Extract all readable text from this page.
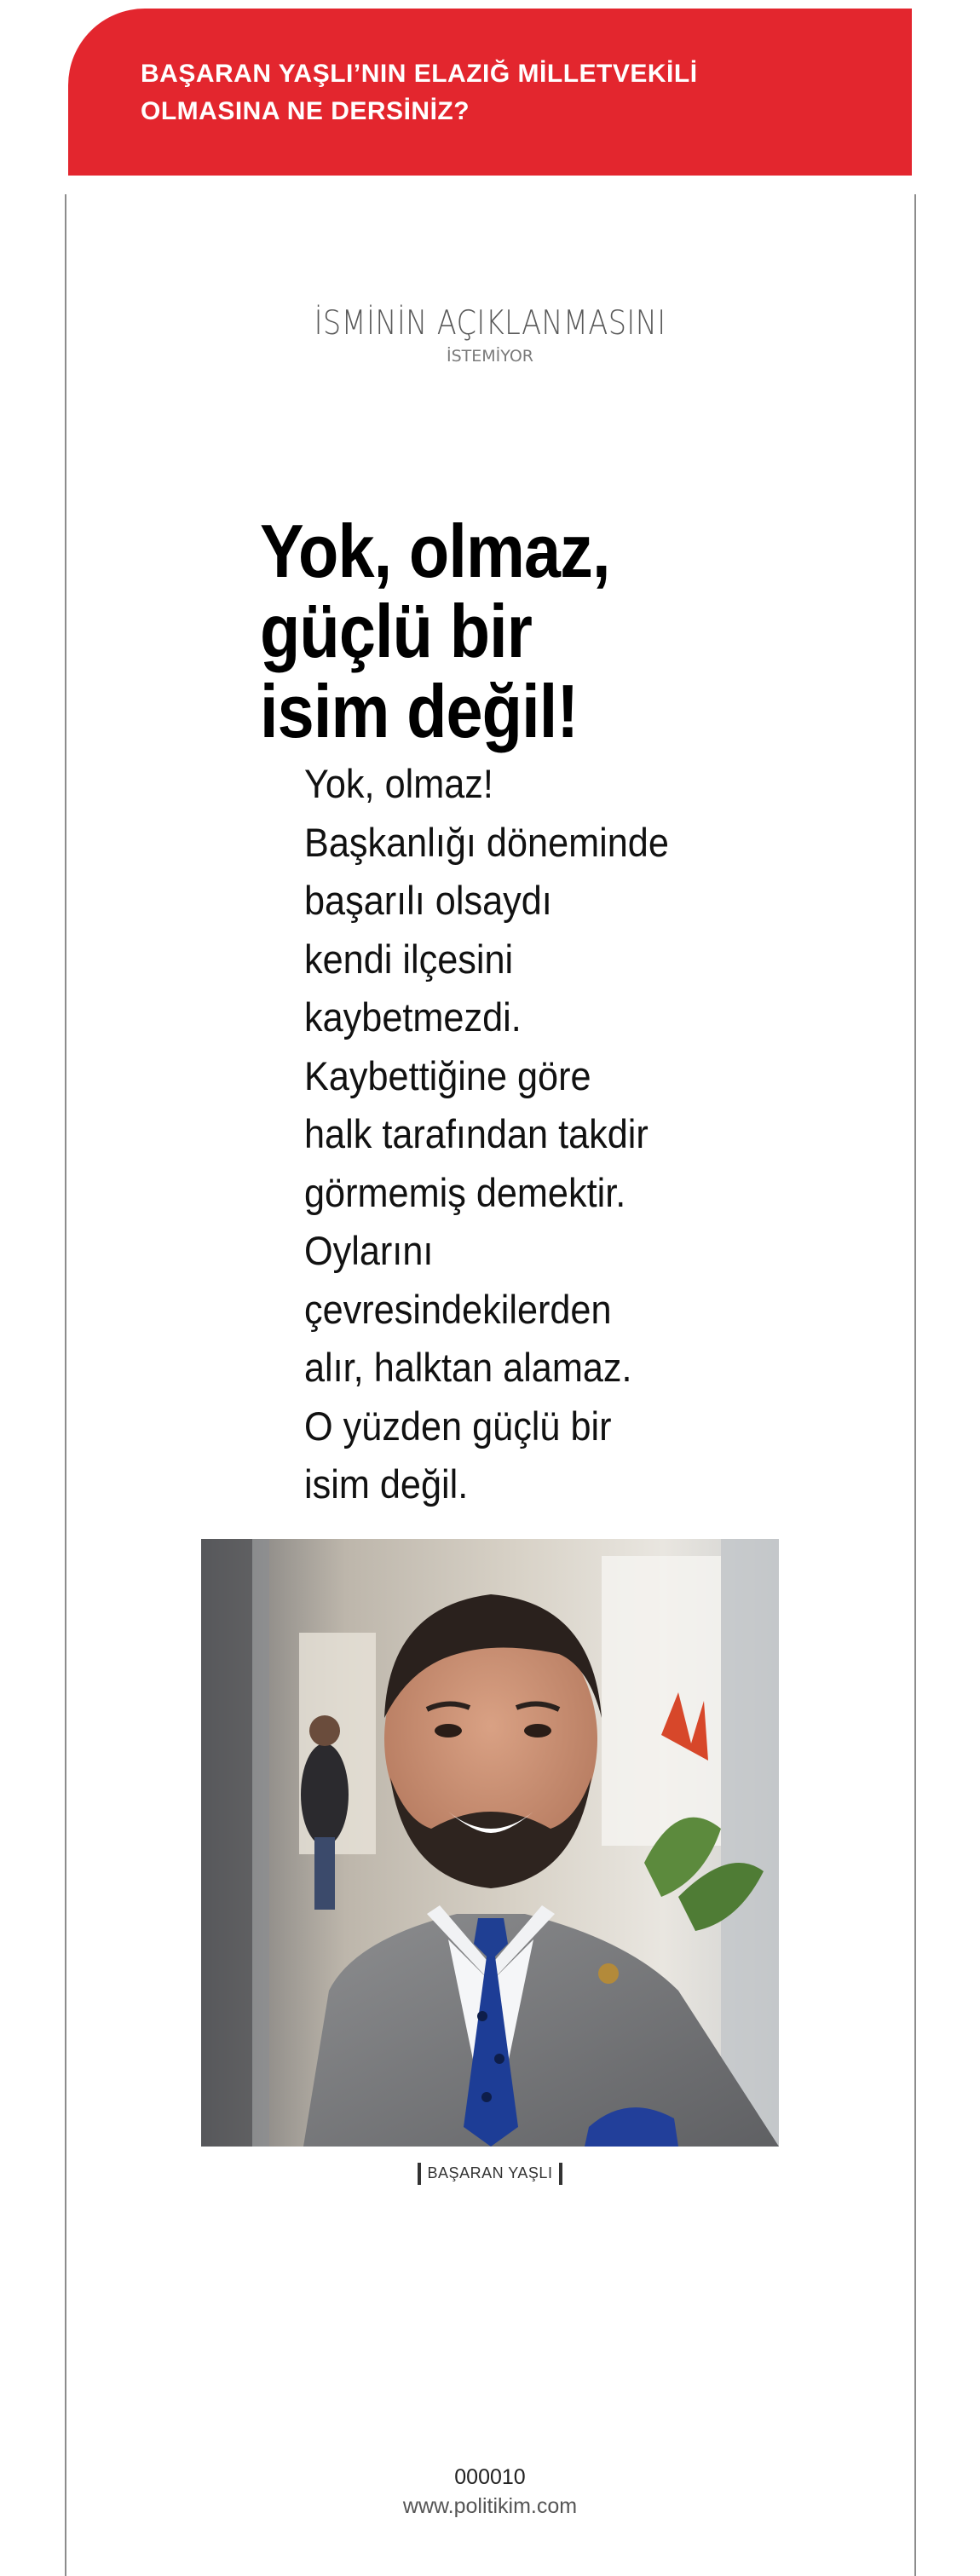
BAŞARAN YAŞLI’NIN ELAZIĞ MİLLETVEKİLİ
OLMASINA NE DERSİNİZ?
İSMİNİN AÇIKLANMASINI
İSTEMİYOR
Yok, olmaz,
güçlü bir
isim değil!
Yok, olmaz!
Başkanlığı döneminde
başarılı olsaydı
kendi ilçesini
kaybetmezdi.
Kaybettiğine göre
halk tarafından takdir
görmemiş demektir.
Oylarını
çevresindekilerden
alır, halktan alamaz.
O yüzden güçlü bir
isim değil.
BAŞARAN YAŞLI
000010
www.politikim.com
